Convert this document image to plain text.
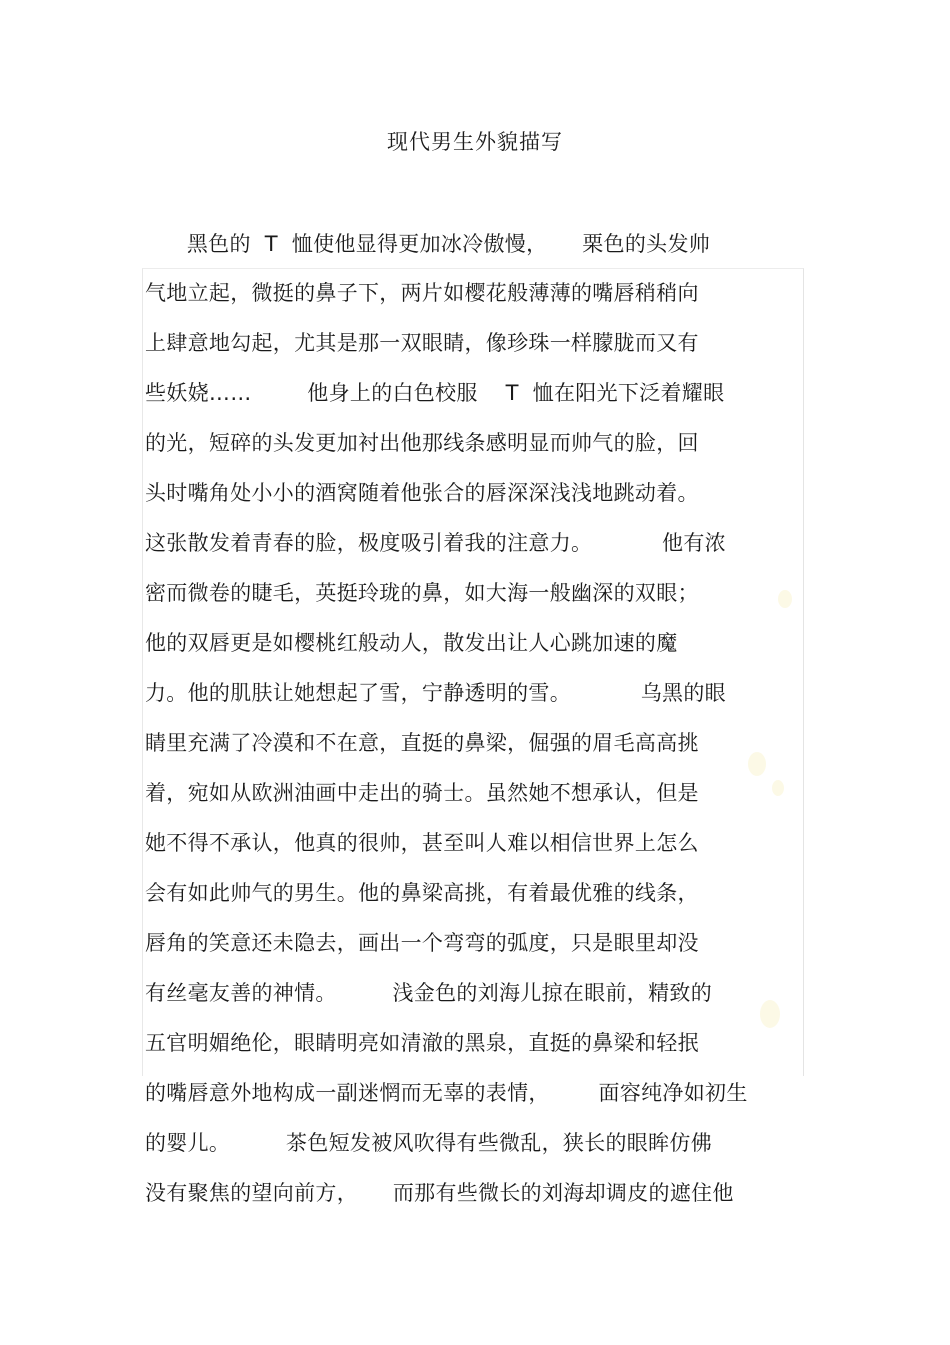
现代男生外貌描写
黑色的  T  恤使他显得更加冰冷傲慢，     栗色的头发帅
气地立起，微挺的鼻子下，两片如樱花般薄薄的嘴唇稍稍向
上肆意地勾起，尤其是那一双眼睛，像珍珠一样朦胧而又有
些妖娆……        他身上的白色校服    T  恤在阳光下泛着耀眼
的光，短碎的头发更加衬出他那线条感明显而帅气的脸，回
头时嘴角处小小的酒窝随着他张合的唇深深浅浅地跳动着。
这张散发着青春的脸，极度吸引着我的注意力。          他有浓
密而微卷的睫毛，英挺玲珑的鼻，如大海一般幽深的双眼；
他的双唇更是如樱桃红般动人，散发出让人心跳加速的魔
力。他的肌肤让她想起了雪，宁静透明的雪。          乌黑的眼
睛里充满了冷漠和不在意，直挺的鼻梁，倔强的眉毛高高挑
着，宛如从欧洲油画中走出的骑士。虽然她不想承认，但是
她不得不承认，他真的很帅，甚至叫人难以相信世界上怎么
会有如此帅气的男生。他的鼻梁高挑，有着最优雅的线条，
唇角的笑意还未隐去，画出一个弯弯的弧度，只是眼里却没
有丝毫友善的神情。        浅金色的刘海儿掠在眼前，精致的
五官明媚绝伦，眼睛明亮如清澈的黑泉，直挺的鼻梁和轻抿
的嘴唇意外地构成一副迷惘而无辜的表情，       面容纯净如初生
的婴儿。        茶色短发被风吹得有些微乱，狭长的眼眸仿佛
没有聚焦的望向前方，     而那有些微长的刘海却调皮的遮住他
